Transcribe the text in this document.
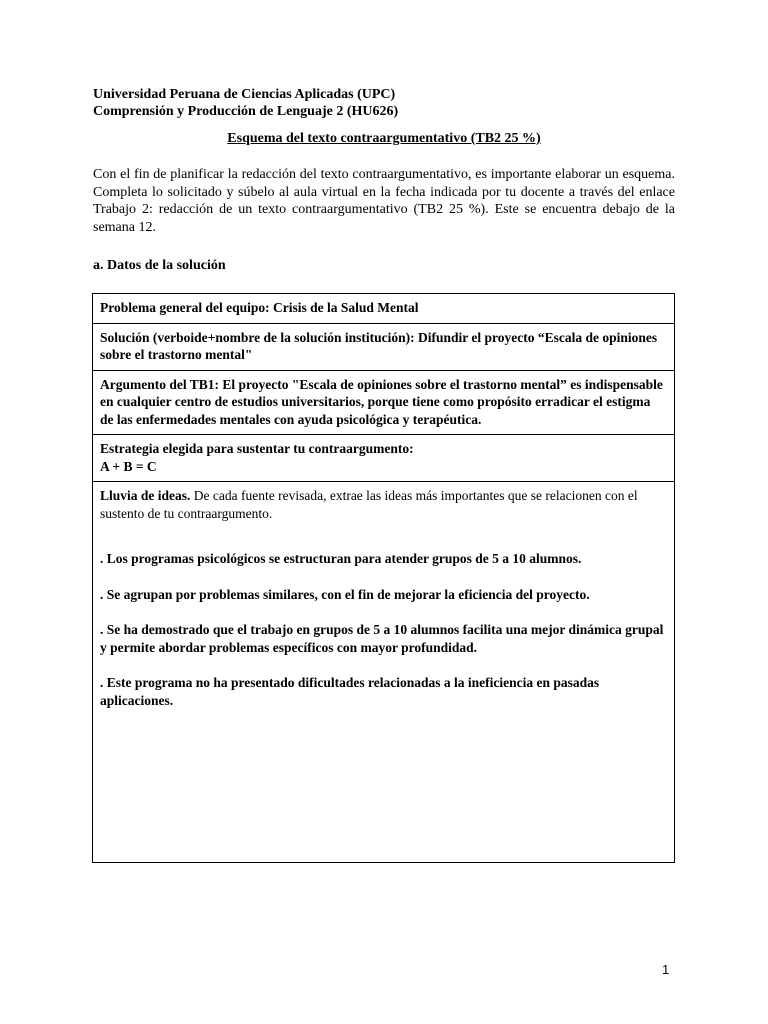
Universidad Peruana de Ciencias Aplicadas (UPC)
Comprensión y Producción de Lenguaje 2 (HU626)
Esquema del texto contraargumentativo (TB2 25 %)
Con el fin de planificar la redacción del texto contraargumentativo, es importante elaborar un esquema. Completa lo solicitado y súbelo al aula virtual en la fecha indicada por tu docente a través del enlace Trabajo 2: redacción de un texto contraargumentativo (TB2 25 %). Este se encuentra debajo de la semana 12.
a. Datos de la solución
Problema general del equipo: Crisis de la Salud Mental
Solución (verboide+nombre de la solución institución): Difundir el proyecto “Escala de opiniones sobre el trastorno mental"
Argumento del TB1: El proyecto "Escala de opiniones sobre el trastorno mental” es indispensable en cualquier centro de estudios universitarios, porque tiene como propósito erradicar el estigma de las enfermedades mentales con ayuda psicológica y terapéutica.

Estrategia elegida para sustentar tu contraargumento:
A + B = C

Lluvia de ideas. De cada fuente revisada, extrae las ideas más importantes que se relacionen con el sustento de tu contraargumento.
. Los programas psicológicos se estructuran para atender grupos de 5 a 10 alumnos.
. Se agrupan por problemas similares, con el fin de mejorar la eficiencia del proyecto.
. Se ha demostrado que el trabajo en grupos de 5 a 10 alumnos facilita una mejor dinámica grupal y permite abordar problemas específicos con mayor profundidad.
. Este programa no ha presentado dificultades relacionadas a la ineficiencia en pasadas aplicaciones.
1
